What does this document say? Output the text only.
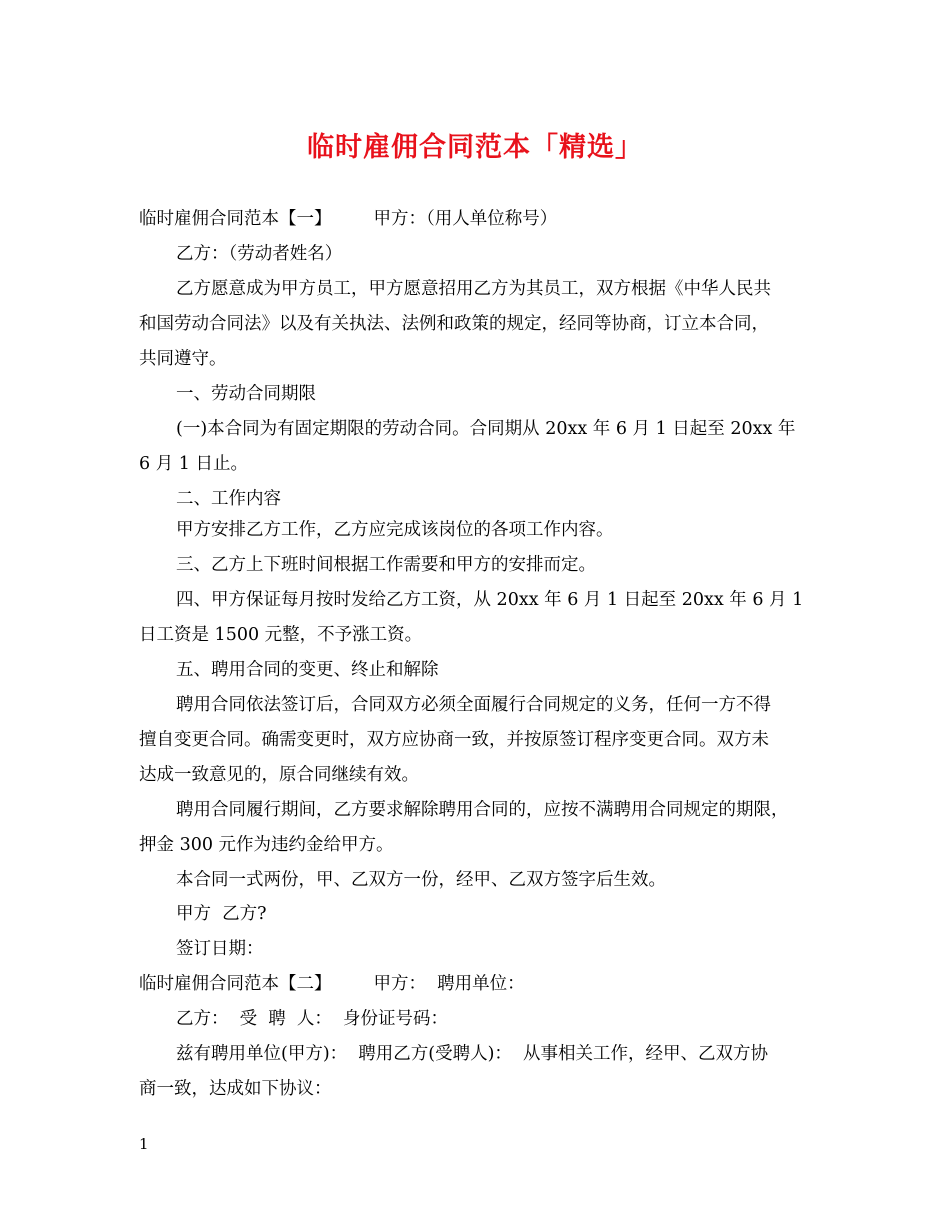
临时雇佣合同范本「精选」
临时雇佣合同范本【一】 甲方：（用人单位称号）
乙方：（劳动者姓名）
乙方愿意成为甲方员工，甲方愿意招用乙方为其员工，双方根据《中华人民共
和国劳动合同法》以及有关执法、法例和政策的规定，经同等协商，订立本合同，
共同遵守。
一、劳动合同期限
(一)本合同为有固定期限的劳动合同。合同期从 20xx 年 6 月 1 日起至 20xx 年
6 月 1 日止。
二、工作内容
甲方安排乙方工作，乙方应完成该岗位的各项工作内容。
三、乙方上下班时间根据工作需要和甲方的安排而定。
四、甲方保证每月按时发给乙方工资，从 20xx 年 6 月 1 日起至 20xx 年 6 月 1
日工资是 1500 元整，不予涨工资。
五、聘用合同的变更、终止和解除
聘用合同依法签订后，合同双方必须全面履行合同规定的义务，任何一方不得
擅自变更合同。确需变更时，双方应协商一致，并按原签订程序变更合同。双方未
达成一致意见的，原合同继续有效。
聘用合同履行期间，乙方要求解除聘用合同的，应按不满聘用合同规定的期限，
押金 300 元作为违约金给甲方。
本合同一式两份，甲、乙双方一份，经甲、乙双方签字后生效。
甲方  乙方?
签订日期：
临时雇佣合同范本【二】 甲方：  聘用单位：
乙方：  受  聘  人：  身份证号码：
兹有聘用单位(甲方)：  聘用乙方(受聘人)：  从事相关工作，经甲、乙双方协
商一致，达成如下协议：
1
